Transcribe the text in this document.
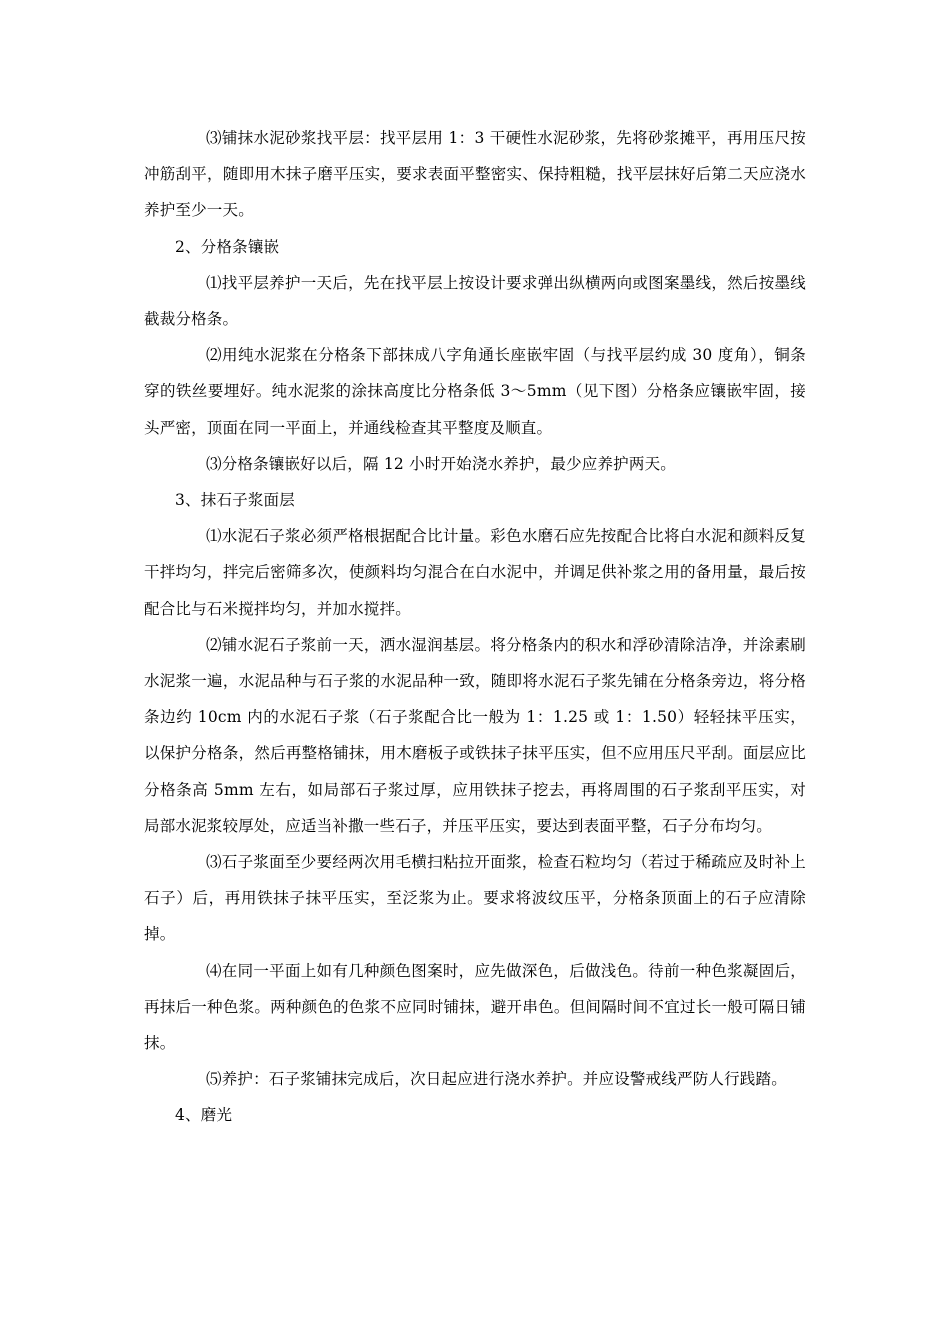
⑶铺抹水泥砂浆找平层：找平层用 1：3 干硬性水泥砂浆，先将砂浆摊平，再用压尺按冲筋刮平，随即用木抹子磨平压实，要求表面平整密实、保持粗糙，找平层抹好后第二天应浇水养护至少一天。

2、分格条镶嵌

⑴找平层养护一天后，先在找平层上按设计要求弹出纵横两向或图案墨线，然后按墨线截裁分格条。

⑵用纯水泥浆在分格条下部抹成八字角通长座嵌牢固（与找平层约成 30 度角），铜条穿的铁丝要埋好。纯水泥浆的涂抹高度比分格条低 3～5mm（见下图）分格条应镶嵌牢固，接头严密，顶面在同一平面上，并通线检查其平整度及顺直。

⑶分格条镶嵌好以后，隔 12 小时开始浇水养护，最少应养护两天。

3、抹石子浆面层

⑴水泥石子浆必须严格根据配合比计量。彩色水磨石应先按配合比将白水泥和颜料反复干拌均匀，拌完后密筛多次，使颜料均匀混合在白水泥中，并调足供补浆之用的备用量，最后按配合比与石米搅拌均匀，并加水搅拌。

⑵铺水泥石子浆前一天，洒水湿润基层。将分格条内的积水和浮砂清除洁净，并涂素刷水泥浆一遍，水泥品种与石子浆的水泥品种一致，随即将水泥石子浆先铺在分格条旁边，将分格条边约 10cm 内的水泥石子浆（石子浆配合比一般为 1：1.25 或 1：1.50）轻轻抹平压实，以保护分格条，然后再整格铺抹，用木磨板子或铁抹子抹平压实，但不应用压尺平刮。面层应比分格条高 5mm 左右，如局部石子浆过厚，应用铁抹子挖去，再将周围的石子浆刮平压实，对局部水泥浆较厚处，应适当补撒一些石子，并压平压实，要达到表面平整，石子分布均匀。

⑶石子浆面至少要经两次用毛横扫粘拉开面浆，检查石粒均匀（若过于稀疏应及时补上石子）后，再用铁抹子抹平压实，至泛浆为止。要求将波纹压平，分格条顶面上的石子应清除掉。

⑷在同一平面上如有几种颜色图案时，应先做深色，后做浅色。待前一种色浆凝固后，再抹后一种色浆。两种颜色的色浆不应同时铺抹，避开串色。但间隔时间不宜过长一般可隔日铺抹。

⑸养护：石子浆铺抹完成后，次日起应进行浇水养护。并应设警戒线严防人行践踏。

4、磨光
